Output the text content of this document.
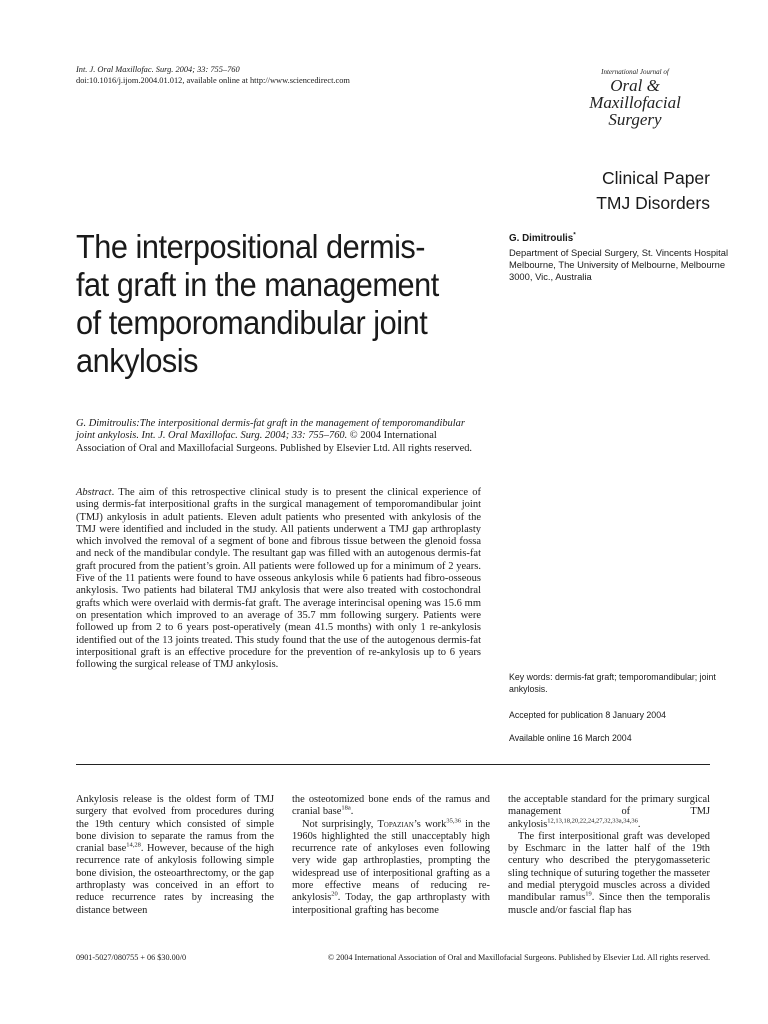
Int. J. Oral Maxillofac. Surg. 2004; 33: 755–760
doi:10.1016/j.ijom.2004.01.012, available online at http://www.sciencedirect.com
International Journal of
Oral &
Maxillofacial
Surgery
Clinical Paper
TMJ Disorders
The interpositional dermis-fat graft in the management of temporomandibular joint ankylosis
G. Dimitroulis*
Department of Special Surgery, St. Vincents Hospital Melbourne, The University of Melbourne, Melbourne 3000, Vic., Australia
G. Dimitroulis:The interpositional dermis-fat graft in the management of temporomandibular joint ankylosis. Int. J. Oral Maxillofac. Surg. 2004; 33: 755–760. © 2004 International Association of Oral and Maxillofacial Surgeons. Published by Elsevier Ltd. All rights reserved.
Abstract. The aim of this retrospective clinical study is to present the clinical experience of using dermis-fat interpositional grafts in the surgical management of temporomandibular joint (TMJ) ankylosis in adult patients. Eleven adult patients who presented with ankylosis of the TMJ were identified and included in the study. All patients underwent a TMJ gap arthroplasty which involved the removal of a segment of bone and fibrous tissue between the glenoid fossa and neck of the mandibular condyle. The resultant gap was filled with an autogenous dermis-fat graft procured from the patient’s groin. All patients were followed up for a minimum of 2 years. Five of the 11 patients were found to have osseous ankylosis while 6 patients had fibro-osseous ankylosis. Two patients had bilateral TMJ ankylosis that were also treated with costochondral grafts which were overlaid with dermis-fat graft. The average interincisal opening was 15.6 mm on presentation which improved to an average of 35.7 mm following surgery. Patients were followed up from 2 to 6 years post-operatively (mean 41.5 months) with only 1 re-ankylosis identified out of the 13 joints treated. This study found that the use of the autogenous dermis-fat interpositional graft is an effective procedure for the prevention of re-ankylosis up to 6 years following the surgical release of TMJ ankylosis.
Key words: dermis-fat graft; temporomandibular; joint ankylosis.
Accepted for publication 8 January 2004
Available online 16 March 2004

Ankylosis release is the oldest form of TMJ surgery that evolved from procedures during the 19th century which consisted of simple bone division to separate the ramus from the cranial base$^{14,28}$. However, because of the high recurrence rate of ankylosis following simple bone division, the osteoarthrectomy, or the gap arthroplasty was conceived in an effort to reduce recurrence rates by increasing the distance between

the osteotomized bone ends of the ramus and cranial base$^{18a}$.

Not surprisingly, Topazian’s work$^{35,36}$ in the 1960s highlighted the still unacceptably high recurrence rate of ankyloses even following very wide gap arthroplasties, prompting the widespread use of interpositional grafting as a more effective means of reducing re-ankylosis$^{20}$. Today, the gap arthroplasty with interpositional grafting has become

the acceptable standard for the primary surgical management of TMJ ankylosis$^{12,13,18,20,22,24,27,32,33a,34,36}$.

The first interpositional graft was developed by Eschmarc in the latter half of the 19th century who described the pterygomasseteric sling technique of suturing together the masseter and medial pterygoid muscles across a divided mandibular ramus$^{19}$. Since then the temporalis muscle and/or fascial flap has

0901-5027/080755 + 06 $30.00/0	© 2004 International Association of Oral and Maxillofacial Surgeons. Published by Elsevier Ltd. All rights reserved.
